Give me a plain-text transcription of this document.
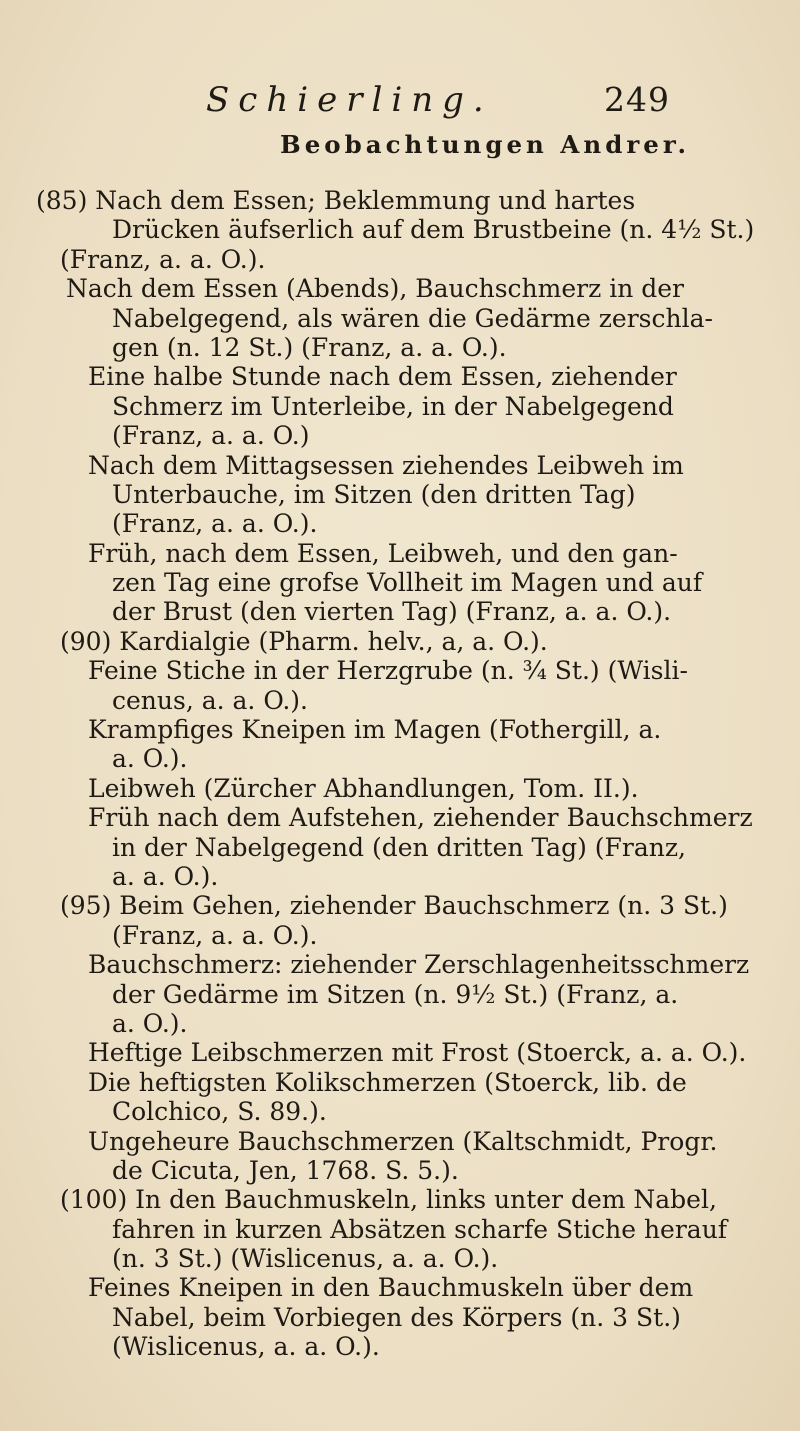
Schierling.	249
Beobachtungen Andrer.
(85) Nach dem Essen; Beklemmung und hartes
Drücken äufserlich auf dem Brustbeine (n. 4½ St.)
(Franz, a. a. O.).
Nach dem Essen (Abends), Bauchschmerz in der
Nabelgegend, als wären die Gedärme zerschla-
gen (n. 12 St.) (Franz, a. a. O.).
Eine halbe Stunde nach dem Essen, ziehender
Schmerz im Unterleibe, in der Nabelgegend
(Franz, a. a. O.)
Nach dem Mittagsessen ziehendes Leibweh im
Unterbauche, im Sitzen (den dritten Tag)
(Franz, a. a. O.).
Früh, nach dem Essen, Leibweh, und den gan-
zen Tag eine grofse Vollheit im Magen und auf
der Brust (den vierten Tag) (Franz, a. a. O.).
(90) Kardialgie (Pharm. helv., a, a. O.).
Feine Stiche in der Herzgrube (n. ¾ St.) (Wisli-
cenus, a. a. O.).
Krampfiges Kneipen im Magen (Fothergill, a.
a. O.).
Leibweh (Zürcher Abhandlungen, Tom. II.).
Früh nach dem Aufstehen, ziehender Bauchschmerz
in der Nabelgegend (den dritten Tag) (Franz,
a. a. O.).
(95) Beim Gehen, ziehender Bauchschmerz (n. 3 St.)
(Franz, a. a. O.).
Bauchschmerz: ziehender Zerschlagenheitsschmerz
der Gedärme im Sitzen (n. 9½ St.) (Franz, a.
a. O.).
Heftige Leibschmerzen mit Frost (Stoerck, a. a. O.).
Die heftigsten Kolikschmerzen (Stoerck, lib. de
Colchico, S. 89.).
Ungeheure Bauchschmerzen (Kaltschmidt, Progr.
de Cicuta, Jen, 1768. S. 5.).
(100) In den Bauchmuskeln, links unter dem Nabel,
fahren in kurzen Absätzen scharfe Stiche herauf
(n. 3 St.) (Wislicenus, a. a. O.).
Feines Kneipen in den Bauchmuskeln über dem
Nabel, beim Vorbiegen des Körpers (n. 3 St.)
(Wislicenus, a. a. O.).
